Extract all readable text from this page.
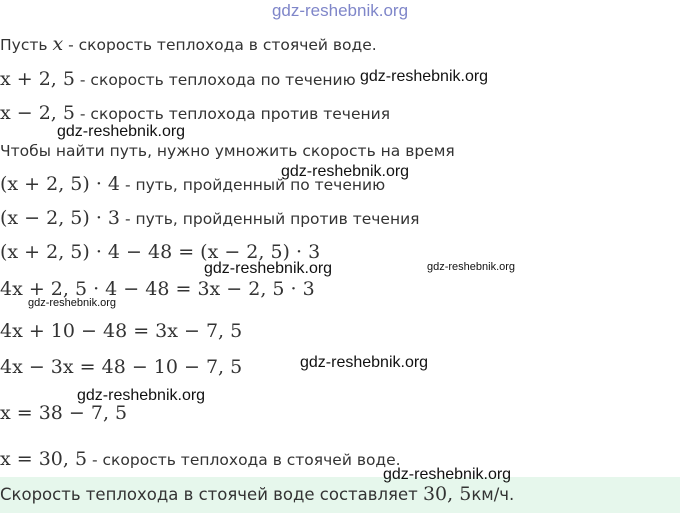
gdz-reshebnik.org
Пусть x - скорость теплохода в стоячей воде.
x + 2, 5 - скорость теплохода по течению
x − 2, 5 - скорость теплохода против течения
Чтобы найти путь, нужно умножить скорость на время
(x + 2, 5) · 4 - путь, пройденный по течению
(x − 2, 5) · 3 - путь, пройденный против течения
(x + 2, 5) · 4 − 48 = (x − 2, 5) · 3
4x + 2, 5 · 4 − 48 = 3x − 2, 5 · 3
4x + 10 − 48 = 3x − 7, 5
4x − 3x = 48 − 10 − 7, 5
x = 38 − 7, 5
x = 30, 5 - скорость теплохода в стоячей воде.
Скорость теплохода в стоячей воде составляет 30, 5км/ч.
gdz-reshebnik.org
gdz-reshebnik.org
gdz-reshebnik.org
gdz-reshebnik.org	gdz-reshebnik.org
gdz-reshebnik.org
gdz-reshebnik.org
gdz-reshebnik.org
gdz-reshebnik.org
